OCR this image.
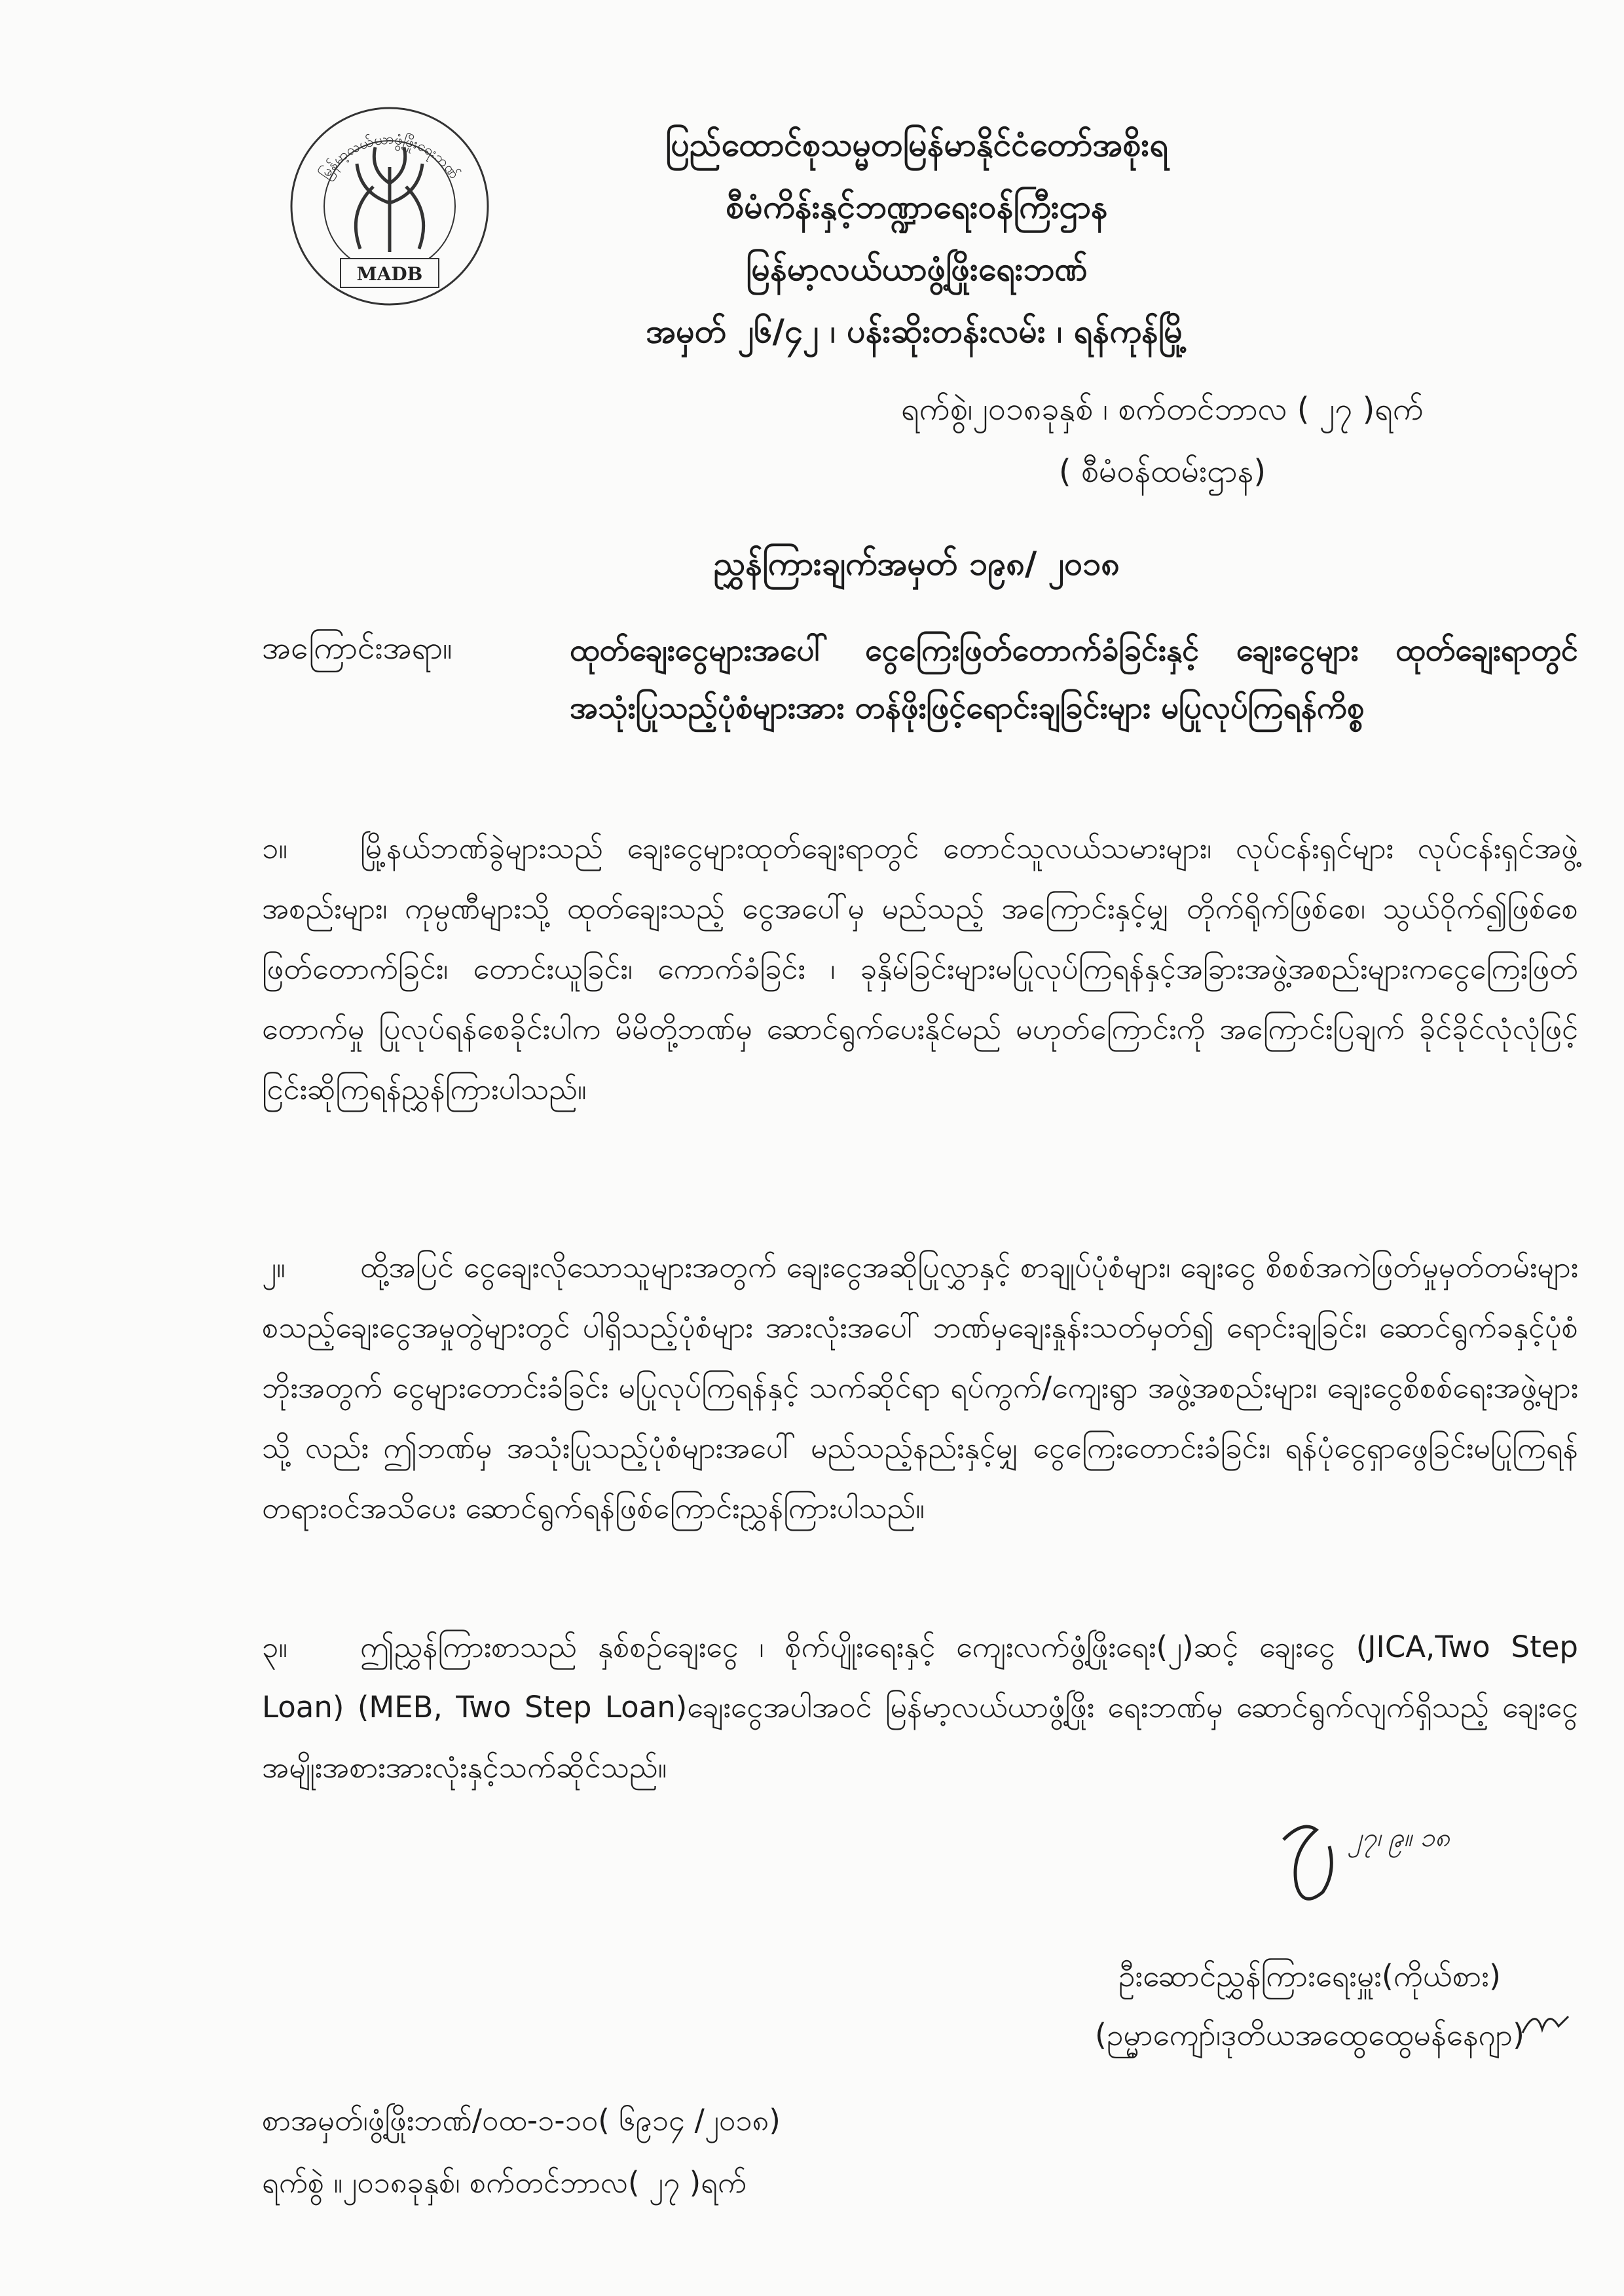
မြန်မာ့လယ်ယာဖွံ့ဖြိုးရေးဘဏ်
MADB
ပြည်ထောင်စုသမ္မတမြန်မာနိုင်ငံတော်အစိုးရ
စီမံကိန်းနှင့်ဘဏ္ဍာရေးဝန်ကြီးဌာန
မြန်မာ့လယ်ယာဖွံ့ဖြိုးရေးဘဏ်
အမှတ် ၂၆/၄၂ ၊ ပန်းဆိုးတန်းလမ်း ၊ ရန်ကုန်မြို့
ရက်စွဲ၊၂၀၁၈ခုနှစ် ၊ စက်တင်ဘာလ ( ၂၇ )ရက်
( စီမံဝန်ထမ်းဌာန)
ညွှန်ကြားချက်အမှတ် ၁၉၈/ ၂၀၁၈
အကြောင်းအရာ။	ထုတ်ချေးငွေများအပေါ် ငွေကြေးဖြတ်တောက်ခံခြင်းနှင့် ချေးငွေများ ထုတ်ချေးရာတွင် အသုံးပြုသည့်ပုံစံများအား တန်ဖိုးဖြင့်ရောင်းချခြင်းများ မပြုလုပ်ကြရန်ကိစ္စ
၁။ မြို့နယ်ဘဏ်ခွဲများသည် ချေးငွေများထုတ်ချေးရာတွင် တောင်သူလယ်သမားများ၊ လုပ်ငန်းရှင်များ လုပ်ငန်းရှင်အဖွဲ့အစည်းများ၊ ကုမ္ပဏီများသို့ ထုတ်ချေးသည့် ငွေအပေါ်မှ မည်သည့် အကြောင်းနှင့်မျှ တိုက်ရိုက်ဖြစ်စေ၊ သွယ်ဝိုက်၍ဖြစ်စေ ဖြတ်တောက်ခြင်း၊ တောင်းယူခြင်း၊ ကောက်ခံခြင်း ၊ ခုနှိမ်ခြင်းများမပြုလုပ်ကြရန်နှင့်အခြားအဖွဲ့အစည်းများကငွေကြေးဖြတ်တောက်မှု ပြုလုပ်ရန်စေခိုင်းပါက မိမိတို့ဘဏ်မှ ဆောင်ရွက်ပေးနိုင်မည် မဟုတ်ကြောင်းကို အကြောင်းပြချက် ခိုင်ခိုင်လုံလုံဖြင့် ငြင်းဆိုကြရန်ညွှန်ကြားပါသည်။
၂။	ထို့အပြင် ငွေချေးလိုသောသူများအတွက် ချေးငွေအဆိုပြုလွှာနှင့် စာချုပ်ပုံစံများ၊ ချေးငွေ စိစစ်အကဲဖြတ်မှုမှတ်တမ်းများ စသည့်ချေးငွေအမှုတွဲများတွင် ပါရှိသည့်ပုံစံများ အားလုံးအပေါ် ဘဏ်မှချေးနှုန်းသတ်မှတ်၍ ရောင်းချခြင်း၊ ဆောင်ရွက်ခနှင့်ပုံစံဘိုးအတွက် ငွေများတောင်းခံခြင်း မပြုလုပ်ကြရန်နှင့် သက်ဆိုင်ရာ ရပ်ကွက်/ကျေးရွာ အဖွဲ့အစည်းများ၊ ချေးငွေစိစစ်ရေးအဖွဲ့များသို့ လည်း ဤဘဏ်မှ အသုံးပြုသည့်ပုံစံများအပေါ် မည်သည့်နည်းနှင့်မျှ ငွေကြေးတောင်းခံခြင်း၊ ရန်ပုံငွေရှာဖွေခြင်းမပြုကြရန် တရားဝင်အသိပေး ဆောင်ရွက်ရန်ဖြစ်ကြောင်းညွှန်ကြားပါသည်။
၃။ ဤညွှန်ကြားစာသည် နှစ်စဉ်ချေးငွေ ၊ စိုက်ပျိုးရေးနှင့် ကျေးလက်ဖွံ့ဖြိုးရေး(၂)ဆင့် ချေးငွေ (JICA,Two Step Loan) (MEB, Two Step Loan)ချေးငွေအပါအဝင် မြန်မာ့လယ်ယာဖွံ့ဖြိုး ရေးဘဏ်မှ ဆောင်ရွက်လျက်ရှိသည့် ချေးငွေအမျိုးအစားအားလုံးနှင့်သက်ဆိုင်သည်။
၂၇၊ ၉။ ၁၈
ဦးဆောင်ညွှန်ကြားရေးမှူး(ကိုယ်စား)
(ဉမ္မာကျော်၊ဒုတိယအထွေထွေမန်နေဂျာ)
စာအမှတ်၊ဖွံ့ဖြိုးဘဏ်/၀ထ-၁-၁၀( ၆၉၁၄ /၂၀၁၈)
ရက်စွဲ ။၂၀၁၈ခုနှစ်၊ စက်တင်ဘာလ( ၂၇ )ရက်
